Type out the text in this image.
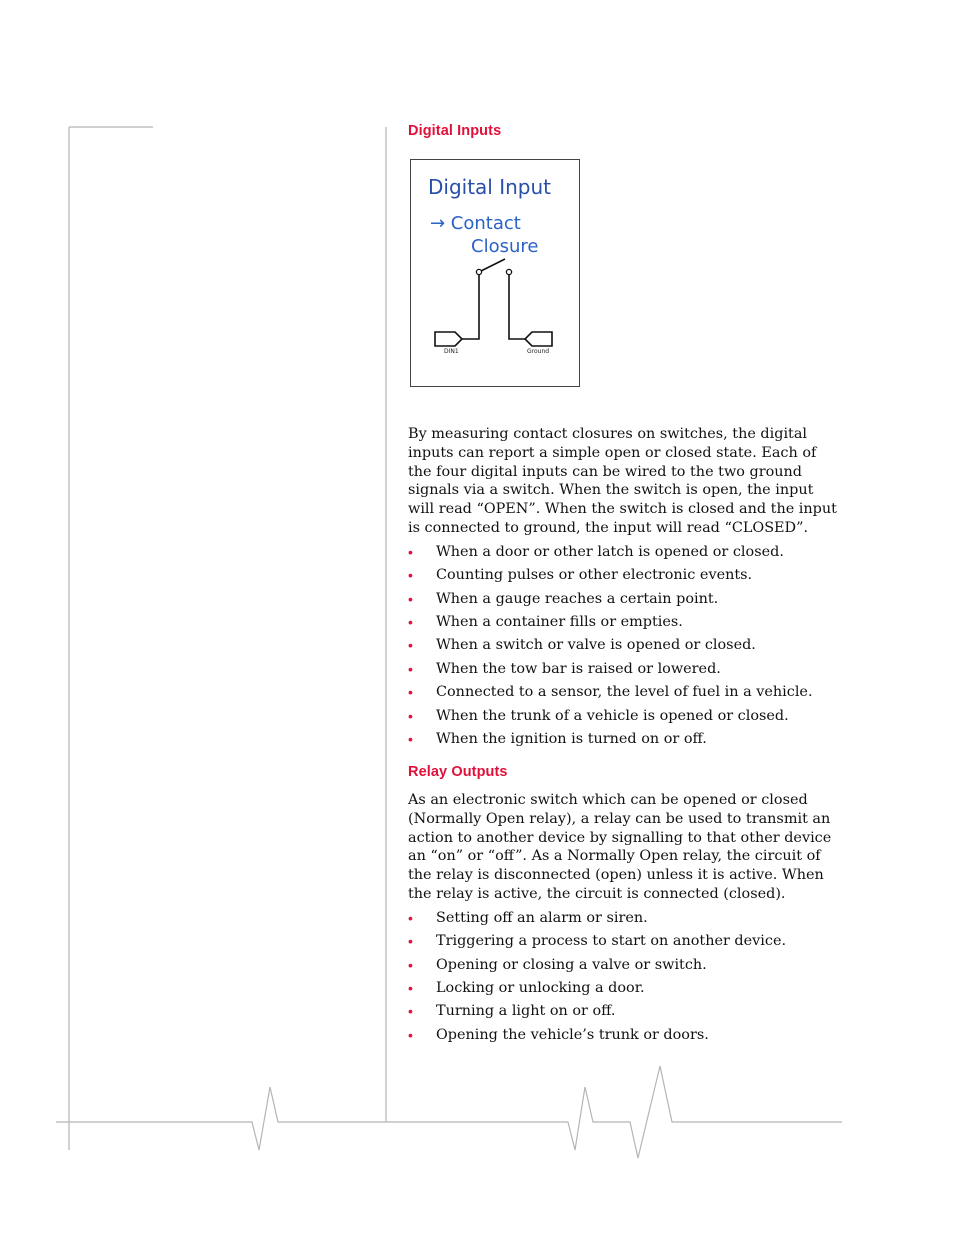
Digital Inputs
Digital Input
→ Contact
Closure
DIN1	Ground

By measuring contact closures on switches, the digital inputs can report a simple open or closed state. Each of the four digital inputs can be wired to the two ground signals via a switch. When the switch is open, the input will read “OPEN”. When the switch is closed and the input is connected to ground, the input will read “CLOSED”.

• When a door or other latch is opened or closed.
• Counting pulses or other electronic events.
• When a gauge reaches a certain point.
• When a container fills or empties.
• When a switch or valve is opened or closed.
• When the tow bar is raised or lowered.
• Connected to a sensor, the level of fuel in a vehicle.
• When the trunk of a vehicle is opened or closed.
• When the ignition is turned on or off.
Relay Outputs

As an electronic switch which can be opened or closed (Normally Open relay), a relay can be used to transmit an action to another device by signalling to that other device an “on” or “off”. As a Normally Open relay, the circuit of the relay is disconnected (open) unless it is active. When the relay is active, the circuit is connected (closed).

• Setting off an alarm or siren.
• Triggering a process to start on another device.
• Opening or closing a valve or switch.
• Locking or unlocking a door.
• Turning a light on or off.
• Opening the vehicle’s trunk or doors.
